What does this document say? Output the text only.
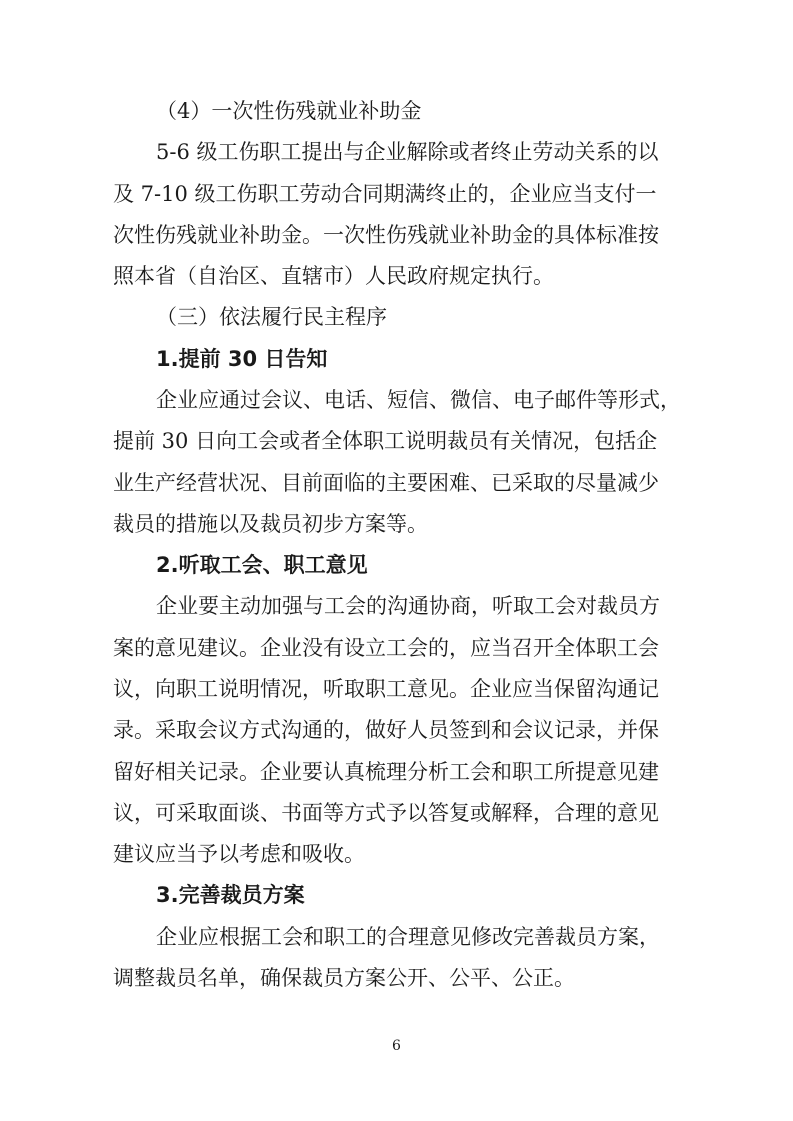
（4）一次性伤残就业补助金
5-6 级工伤职工提出与企业解除或者终止劳动关系的以
及 7-10 级工伤职工劳动合同期满终止的，企业应当支付一
次性伤残就业补助金。一次性伤残就业补助金的具体标准按
照本省（自治区、直辖市）人民政府规定执行。
（三）依法履行民主程序
1.提前 30 日告知
企业应通过会议、电话、短信、微信、电子邮件等形式，
提前 30 日向工会或者全体职工说明裁员有关情况，包括企
业生产经营状况、目前面临的主要困难、已采取的尽量减少
裁员的措施以及裁员初步方案等。
2.听取工会、职工意见
企业要主动加强与工会的沟通协商，听取工会对裁员方
案的意见建议。企业没有设立工会的，应当召开全体职工会
议，向职工说明情况，听取职工意见。企业应当保留沟通记
录。采取会议方式沟通的，做好人员签到和会议记录，并保
留好相关记录。企业要认真梳理分析工会和职工所提意见建
议，可采取面谈、书面等方式予以答复或解释，合理的意见
建议应当予以考虑和吸收。
3.完善裁员方案
企业应根据工会和职工的合理意见修改完善裁员方案，
调整裁员名单，确保裁员方案公开、公平、公正。
6
